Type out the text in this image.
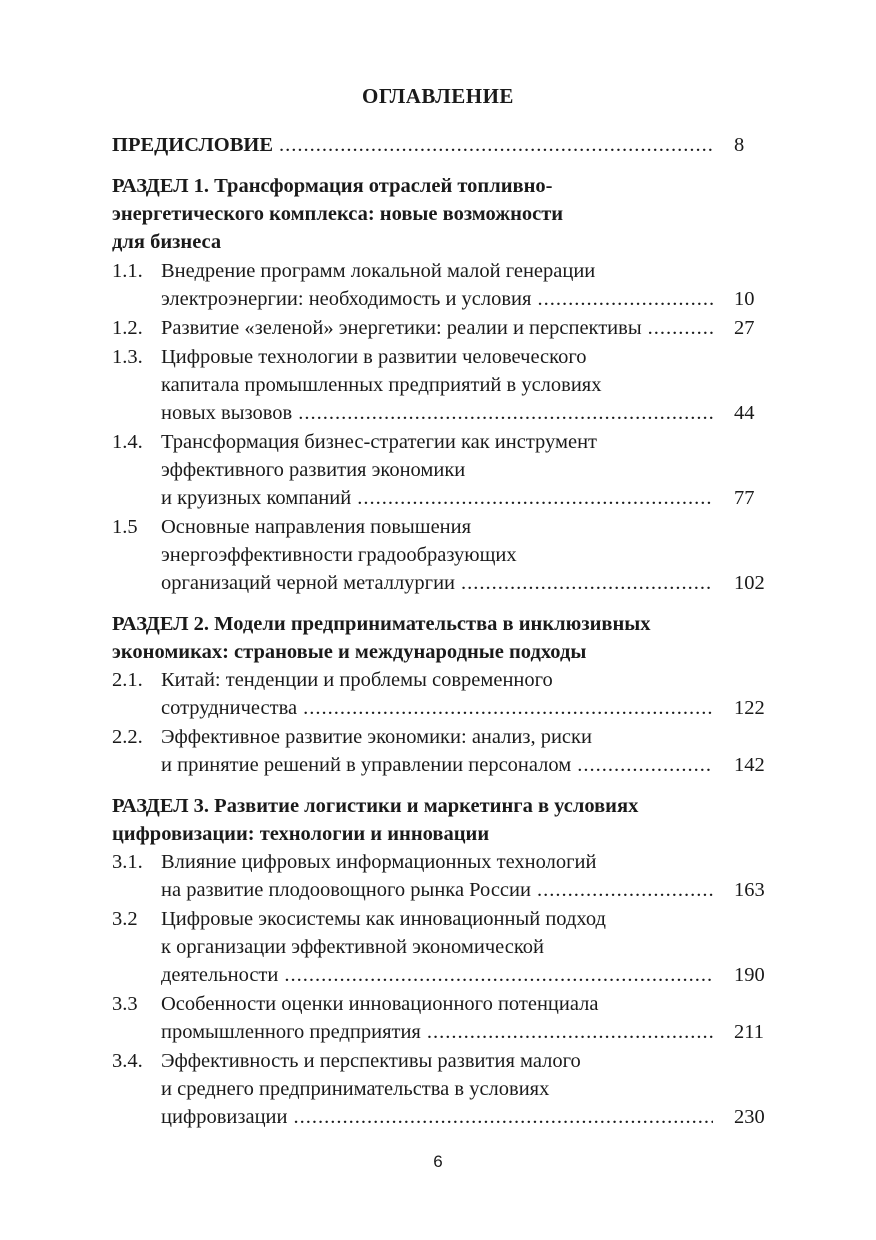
ОГЛАВЛЕНИЕ
ПРЕДИСЛОВИЕ .....	8
РАЗДЕЛ 1. Трансформация отраслей топливно-
энергетического комплекса: новые возможности
для бизнеса
1.1. Внедрение программ локальной малой генерации
электроэнергии: необходимость и условия .....	10
1.2. Развитие «зеленой» энергетики: реалии и перспективы .....	27
1.3. Цифровые технологии в развитии человеческого
капитала промышленных предприятий в условиях
новых вызовов .....	44
1.4. Трансформация бизнес-стратегии как инструмент
эффективного развития экономики
и круизных компаний .....	77
1.5 Основные направления повышения
энергоэффективности градообразующих
организаций черной металлургии .....	102
РАЗДЕЛ 2. Модели предпринимательства в инклюзивных
экономиках: страновые и международные подходы
2.1. Китай: тенденции и проблемы современного
сотрудничества .....	122
2.2. Эффективное развитие экономики: анализ, риски
и принятие решений в управлении персоналом .....	142
РАЗДЕЛ 3. Развитие логистики и маркетинга в условиях
цифровизации: технологии и инновации
3.1. Влияние цифровых информационных технологий
на развитие плодоовощного рынка России .....	163
3.2 Цифровые экосистемы как инновационный подход
к организации эффективной экономической
деятельности .....	190
3.3 Особенности оценки инновационного потенциала
промышленного предприятия .....	211
3.4. Эффективность и перспективы развития малого
и среднего предпринимательства в условиях
цифровизации .....	230
6
